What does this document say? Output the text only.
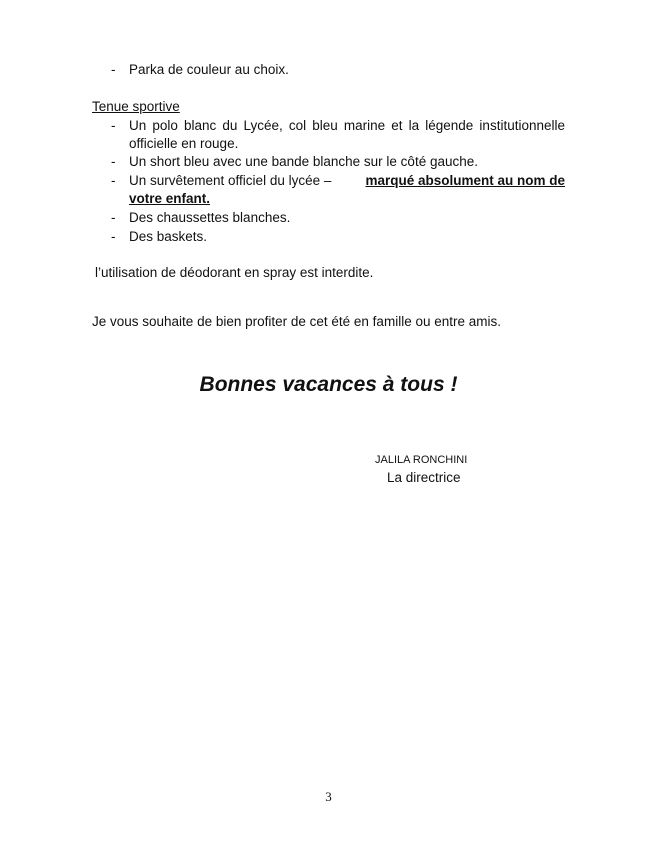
- Parka de couleur au choix.
Tenue sportive
- Un polo blanc du Lycée, col bleu marine et la légende institutionnelle
officielle en rouge.
- Un short bleu avec une bande blanche sur le côté gauche.
- Un survêtement officiel du lycée – marqué absolument au nom de
votre enfant.
- Des chaussettes blanches.
- Des baskets.
l’utilisation de déodorant en spray est interdite.
Je vous souhaite de bien profiter de cet été en famille ou entre amis.
Bonnes vacances à tous !
JALILA RONCHINI
La directrice
3
